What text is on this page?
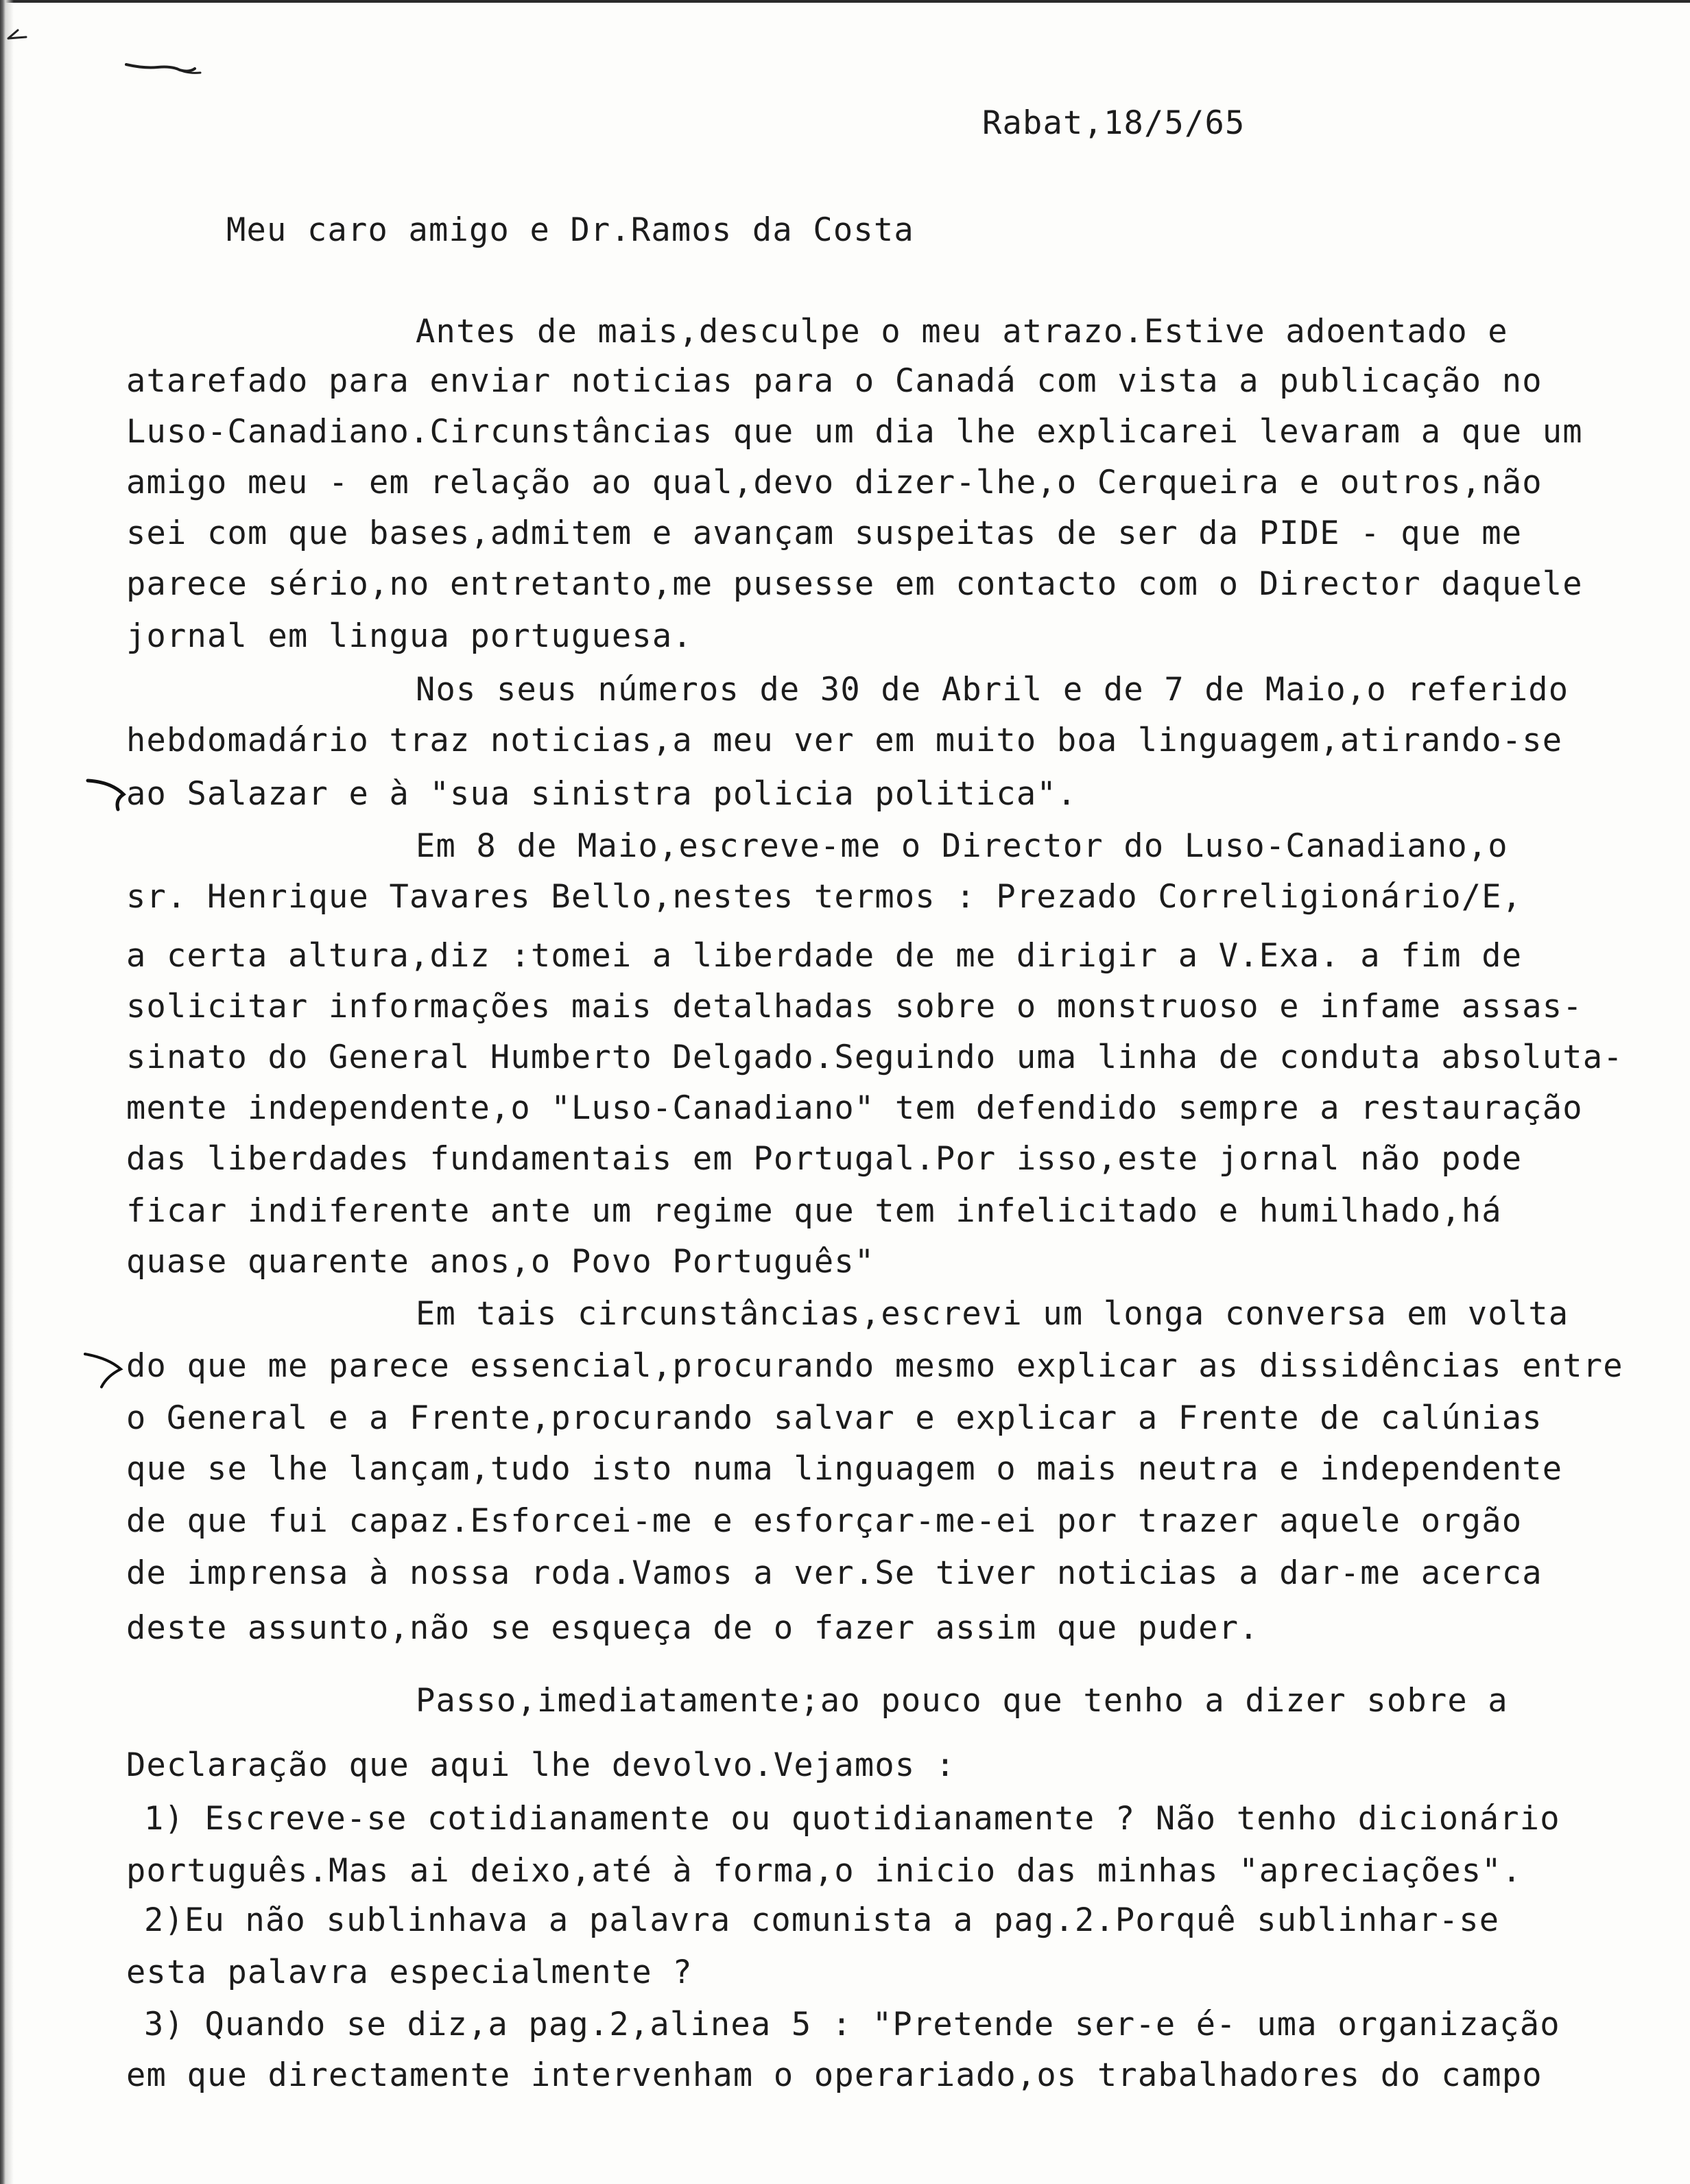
Rabat,18/5/65
Meu caro amigo e Dr.Ramos da Costa
Antes de mais,desculpe o meu atrazo.Estive adoentado e
atarefado para enviar noticias para o Canadá com vista a publicação no
Luso-Canadiano.Circunstâncias que um dia lhe explicarei levaram a que um
amigo meu - em relação ao qual,devo dizer-lhe,o Cerqueira e outros,não
sei com que bases,admitem e avançam suspeitas de ser da PIDE - que me
parece sério,no entretanto,me pusesse em contacto com o Director daquele
jornal em lingua portuguesa.
Nos seus números de 30 de Abril e de 7 de Maio,o referido
hebdomadário traz noticias,a meu ver em muito boa linguagem,atirando-se
ao Salazar e à "sua sinistra policia politica".
Em 8 de Maio,escreve-me o Director do Luso-Canadiano,o
sr. Henrique Tavares Bello,nestes termos : Prezado Correligionário/E,
a certa altura,diz :tomei a liberdade de me dirigir a V.Exa. a fim de
solicitar informações mais detalhadas sobre o monstruoso e infame assas-
sinato do General Humberto Delgado.Seguindo uma linha de conduta absoluta-
mente independente,o "Luso-Canadiano" tem defendido sempre a restauração
das liberdades fundamentais em Portugal.Por isso,este jornal não pode
ficar indiferente ante um regime que tem infelicitado e humilhado,há
quase quarente anos,o Povo Português"
Em tais circunstâncias,escrevi um longa conversa em volta
do que me parece essencial,procurando mesmo explicar as dissidências entre
o General e a Frente,procurando salvar e explicar a Frente de calúnias
que se lhe lançam,tudo isto numa linguagem o mais neutra e independente
de que fui capaz.Esforcei-me e esforçar-me-ei por trazer aquele orgão
de imprensa à nossa roda.Vamos a ver.Se tiver noticias a dar-me acerca
deste assunto,não se esqueça de o fazer assim que puder.
Passo,imediatamente;ao pouco que tenho a dizer sobre a
Declaração que aqui lhe devolvo.Vejamos :
1) Escreve-se cotidianamente ou quotidianamente ? Não tenho dicionário
português.Mas ai deixo,até à forma,o inicio das minhas "apreciações".
2)Eu não sublinhava a palavra comunista a pag.2.Porquê sublinhar-se
esta palavra especialmente ?
3) Quando se diz,a pag.2,alinea 5 : "Pretende ser-e é- uma organização
em que directamente intervenham o operariado,os trabalhadores do campo
